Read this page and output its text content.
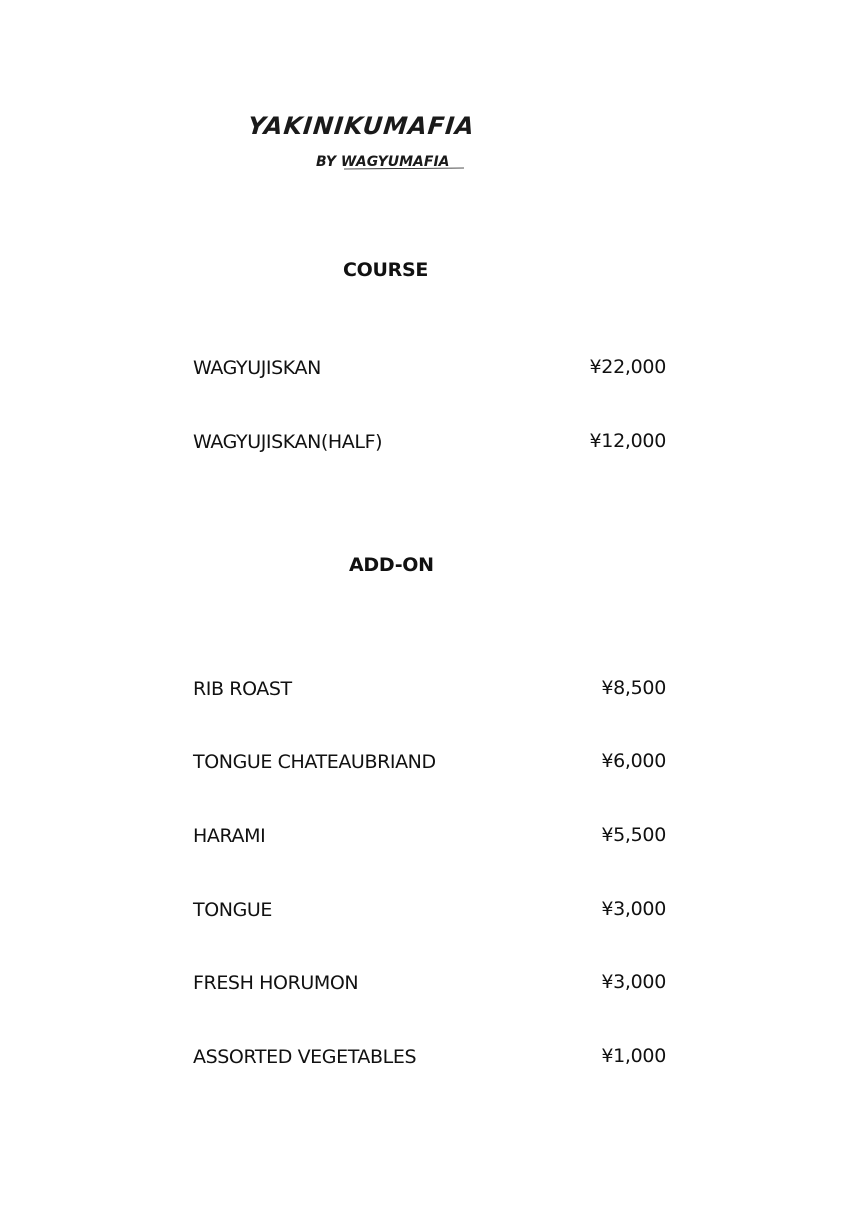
YAKINIKUMAFIA
BY WAGYUMAFIA
COURSE
WAGYUJISKAN	¥22,000
WAGYUJISKAN(HALF)	¥12,000
ADD-ON
RIB ROAST	¥8,500
TONGUE CHATEAUBRIAND	¥6,000
HARAMI	¥5,500
TONGUE	¥3,000
FRESH HORUMON	¥3,000
ASSORTED VEGETABLES	¥1,000
